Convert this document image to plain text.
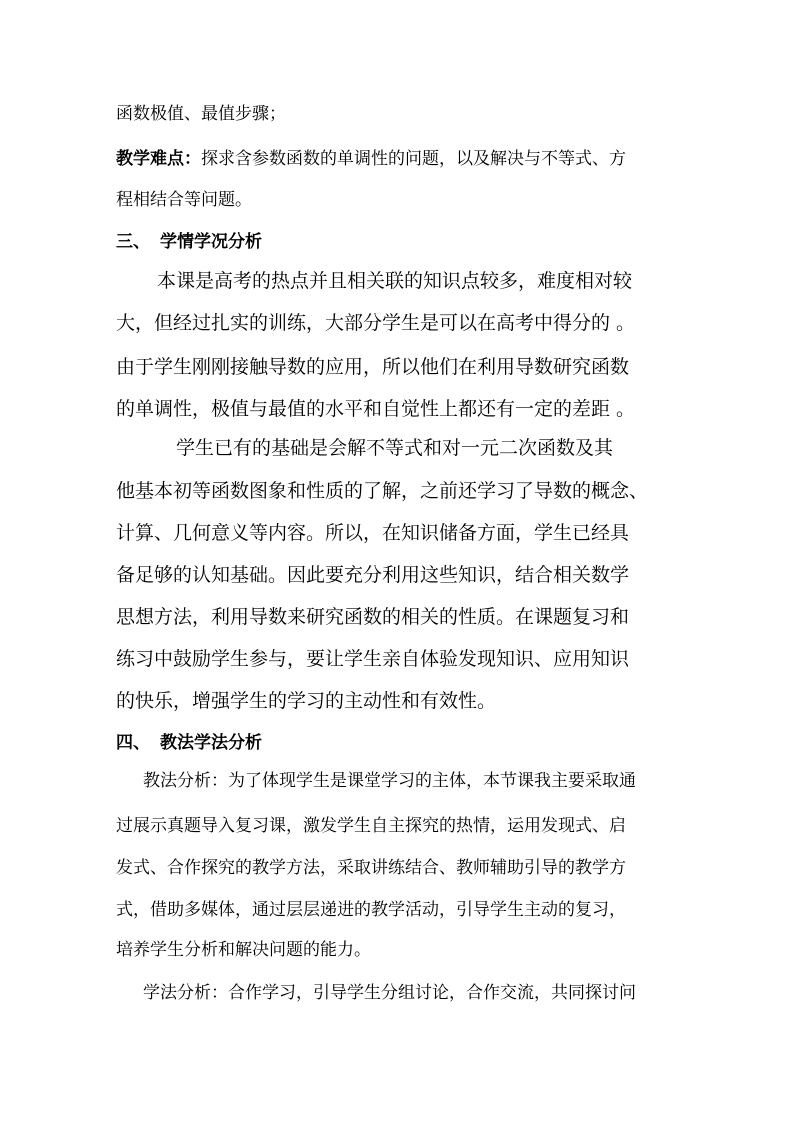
函数极值、最值步骤；
教学难点：探求含参数函数的单调性的问题，以及解决与不等式、方
程相结合等问题。
三、 学情学况分析
本课是高考的热点并且相关联的知识点较多，难度相对较
大，但经过扎实的训练，大部分学生是可以在高考中得分的 。
由于学生刚刚接触导数的应用，所以他们在利用导数研究函数
的单调性，极值与最值的水平和自觉性上都还有一定的差距 。
学生已有的基础是会解不等式和对一元二次函数及其
他基本初等函数图象和性质的了解，之前还学习了导数的概念、
计算、几何意义等内容。所以，在知识储备方面，学生已经具
备足够的认知基础。因此要充分利用这些知识，结合相关数学
思想方法，利用导数来研究函数的相关的性质。在课题复习和
练习中鼓励学生参与，要让学生亲自体验发现知识、应用知识
的快乐，增强学生的学习的主动性和有效性。
四、 教法学法分析
教法分析：为了体现学生是课堂学习的主体，本节课我主要采取通
过展示真题导入复习课，激发学生自主探究的热情，运用发现式、启
发式、合作探究的教学方法，采取讲练结合、教师辅助引导的教学方
式，借助多媒体，通过层层递进的教学活动，引导学生主动的复习，
培养学生分析和解决问题的能力。
学法分析：合作学习，引导学生分组讨论，合作交流，共同探讨问
